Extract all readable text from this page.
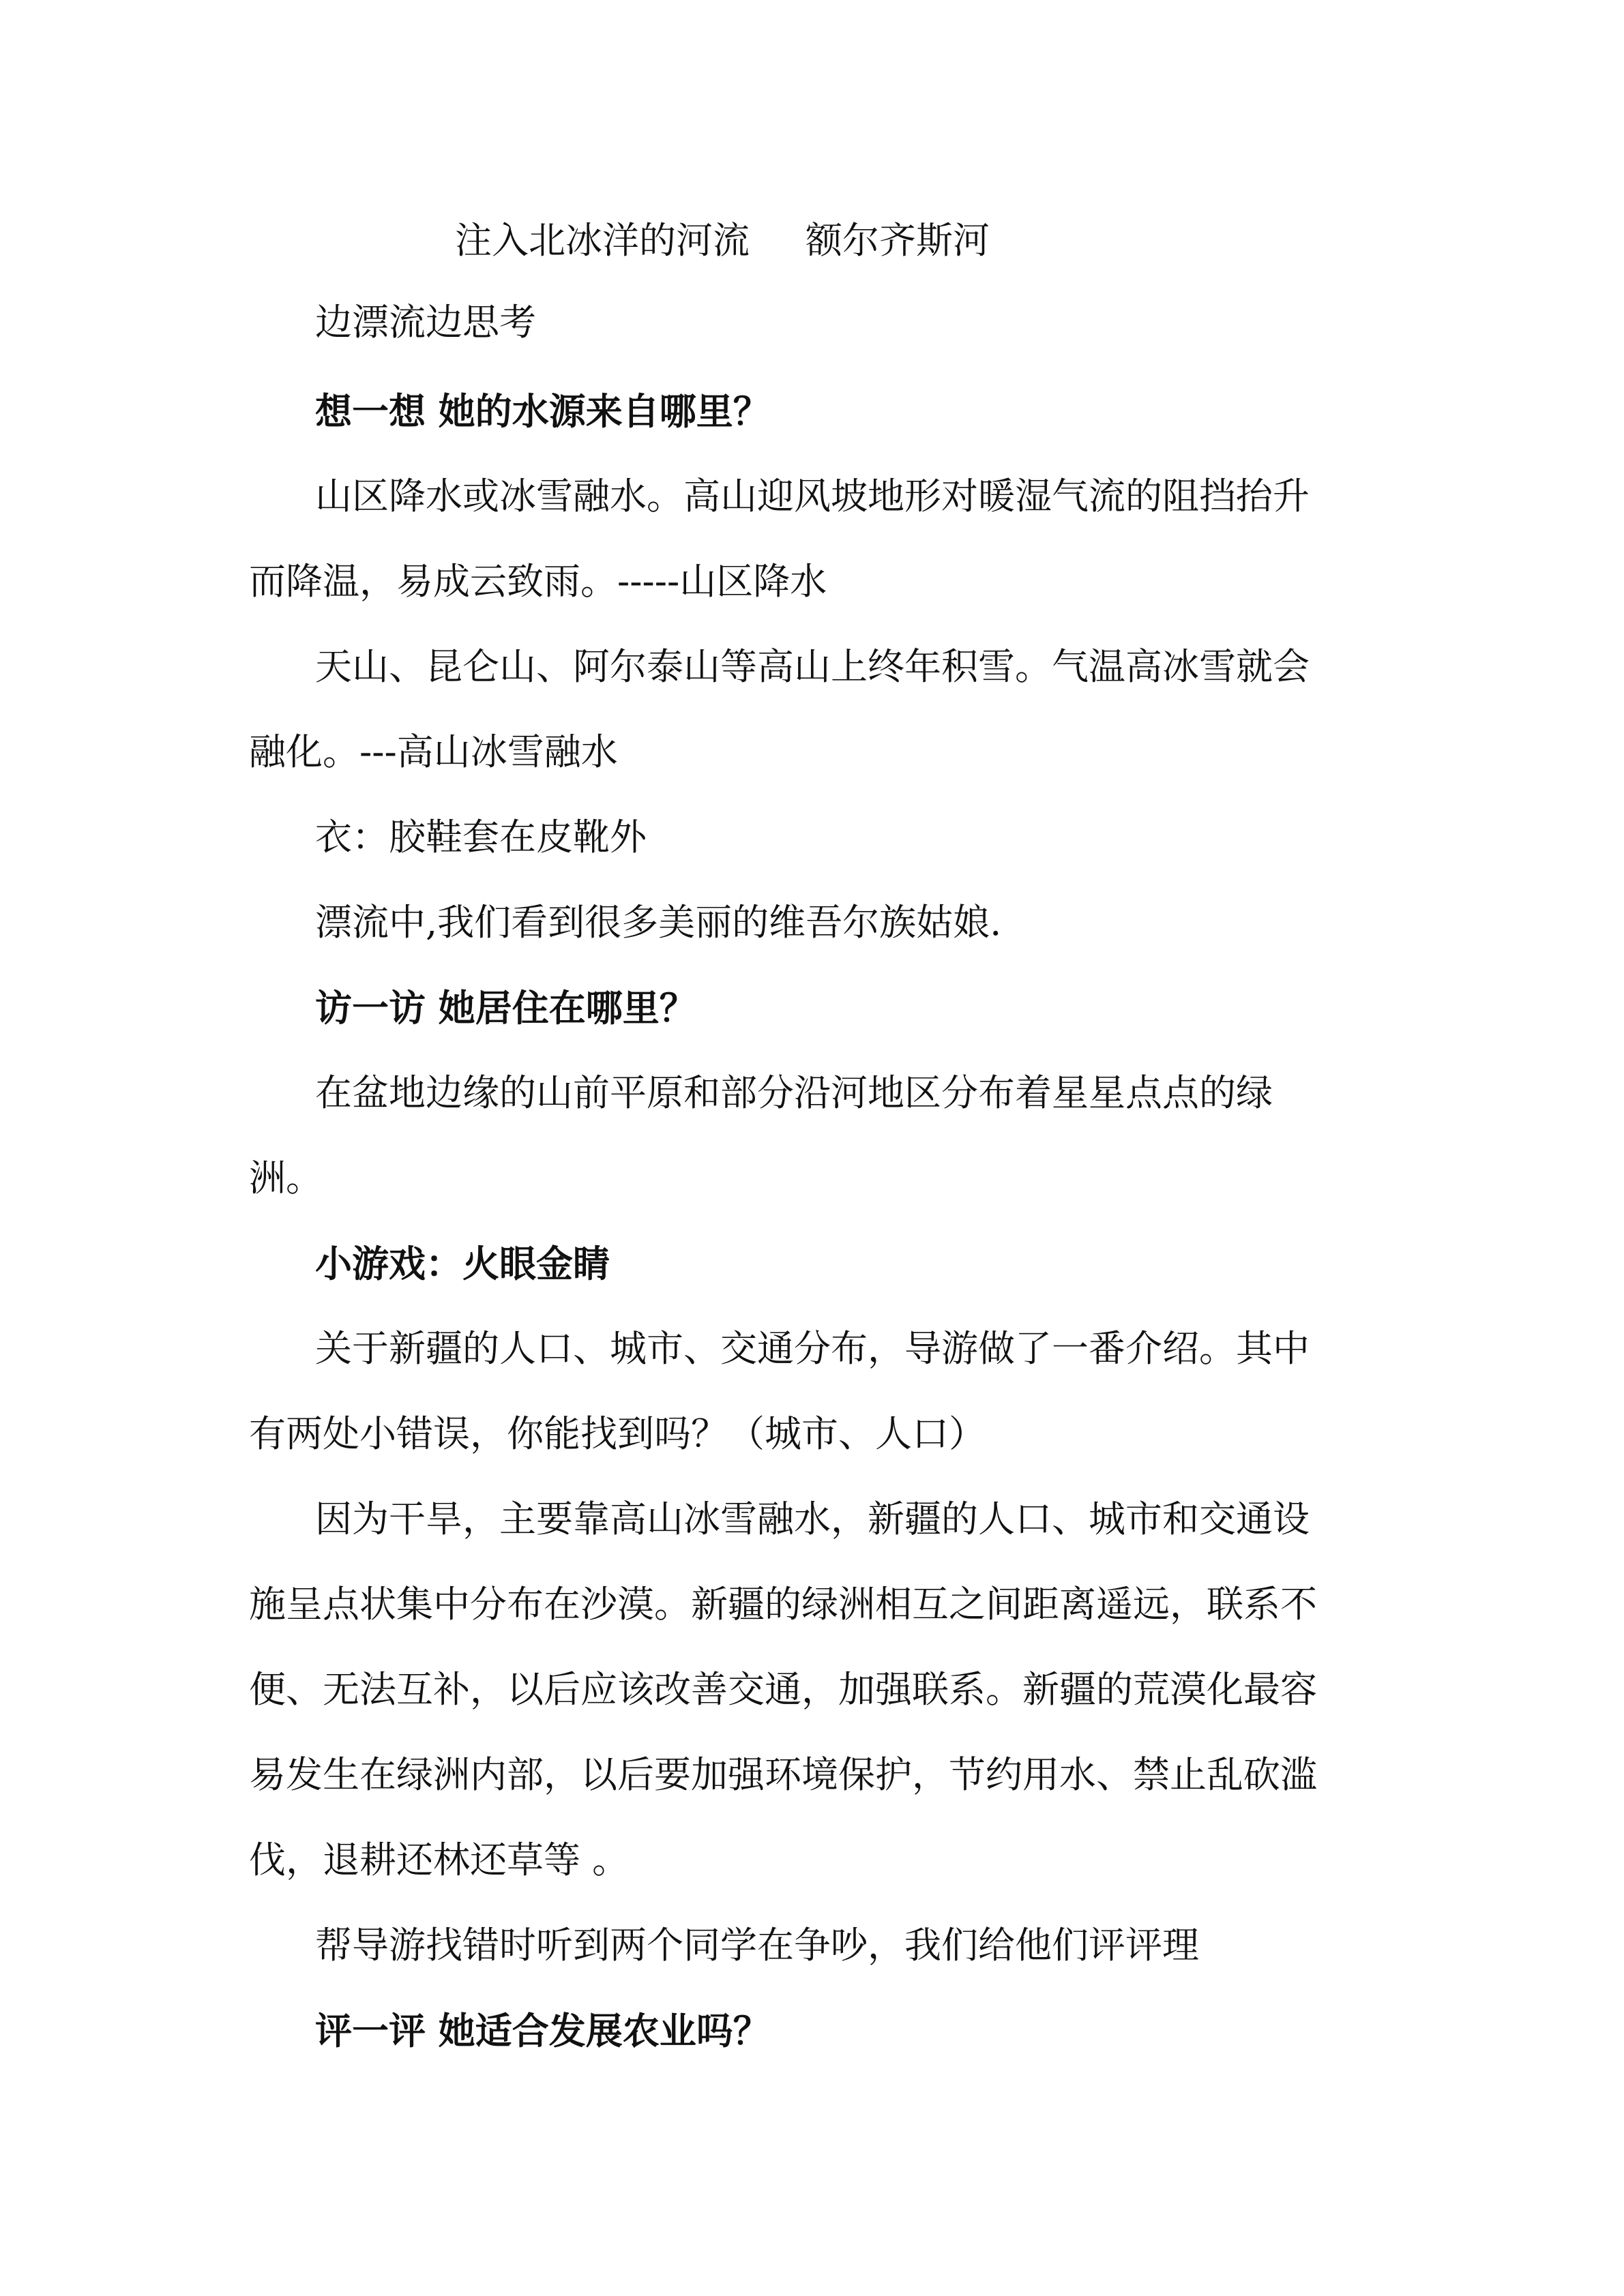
注入北冰洋的河流 额尔齐斯河
边漂流边思考
想一想 她的水源来自哪里？
山区降水或冰雪融水。高山迎风坡地形对暖湿气流的阻挡抬升
而降温，易成云致雨。-----山区降水
天山、昆仑山、阿尔泰山等高山上终年积雪。气温高冰雪就会
融化。---高山冰雪融水
衣：胶鞋套在皮靴外
漂流中,我们看到很多美丽的维吾尔族姑娘.
访一访 她居住在哪里？
在盆地边缘的山前平原和部分沿河地区分布着星星点点的绿
洲。
小游戏：火眼金睛
关于新疆的人口、城市、交通分布，导游做了一番介绍。其中
有两处小错误，你能找到吗？（城市、人口）
因为干旱，主要靠高山冰雪融水，新疆的人口、城市和交通设
施呈点状集中分布在沙漠。新疆的绿洲相互之间距离遥远，联系不
便、无法互补，以后应该改善交通，加强联系。新疆的荒漠化最容
易发生在绿洲内部，以后要加强环境保护，节约用水、禁止乱砍滥
伐，退耕还林还草等 。
帮导游找错时听到两个同学在争吵，我们给他们评评理
评一评 她适合发展农业吗？
